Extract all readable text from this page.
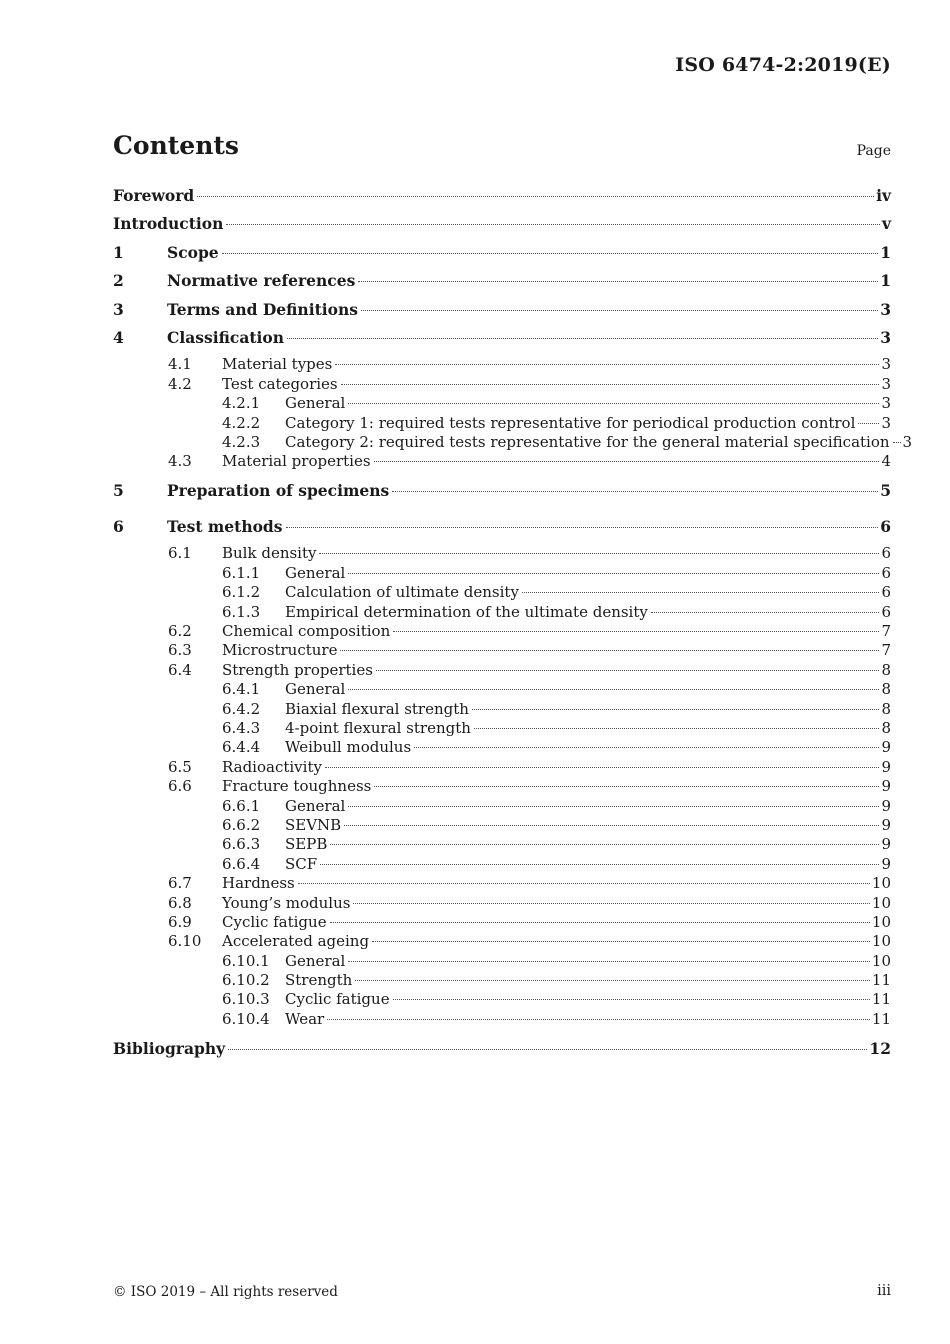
ISO 6474-2:2019(E)
Contents	Page
Foreword	iv
Introduction	v
1	Scope	1
2	Normative references	1
3	Terms and Definitions	3
4	Classification	3
4.1	Material types	3
4.2	Test categories	3
4.2.1	General	3
4.2.2	Category 1: required tests representative for periodical production control 3
4.2.3	Category 2: required tests representative for the general material specification 3
4.3	Material properties	4
5	Preparation of specimens	5
6	Test methods	6
6.1	Bulk density	6
6.1.1	General	6
6.1.2	Calculation of ultimate density	6
6.1.3	Empirical determination of the ultimate density	6
6.2	Chemical composition	7
6.3	Microstructure	7
6.4	Strength properties	8
6.4.1	General	8
6.4.2	Biaxial flexural strength	8
6.4.3	4-point flexural strength	8
6.4.4	Weibull modulus	9
6.5	Radioactivity	9
6.6	Fracture toughness	9
6.6.1	General	9
6.6.2	SEVNB	9
6.6.3	SEPB	9
6.6.4	SCF	9
6.7	Hardness	10
6.8	Young’s modulus	10
6.9	Cyclic fatigue	10
6.10	Accelerated ageing	10
6.10.1	General	10
6.10.2	Strength	11
6.10.3	Cyclic fatigue	11
6.10.4	Wear	11
Bibliography	12
© ISO 2019 – All rights reserved	iii
